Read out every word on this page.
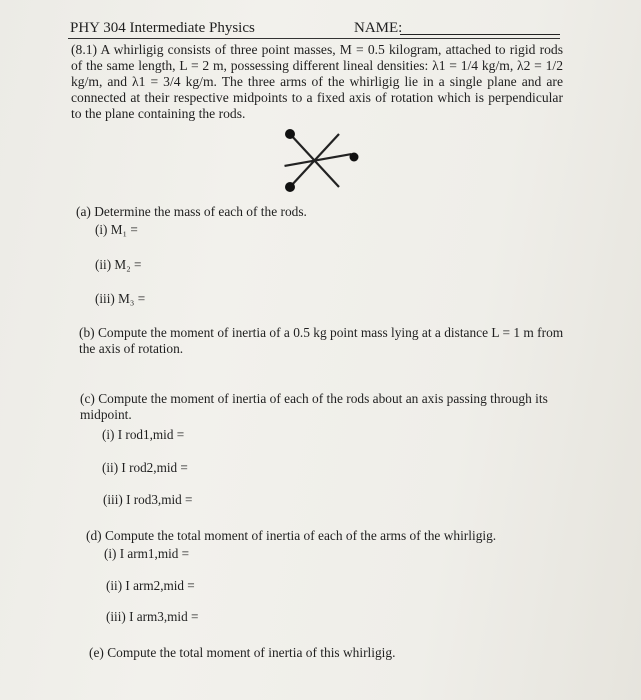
PHY 304 Intermediate Physics	NAME:
(8.1) A whirligig consists of three point masses, M = 0.5 kilogram, attached to rigid rods of the same length, L = 2 m, possessing different lineal densities: λ1 = 1/4 kg/m, λ2 = 1/2 kg/m, and λ1 = 3/4 kg/m. The three arms of the whirligig lie in a single plane and are connected at their respective midpoints to a fixed axis of rotation which is perpendicular to the plane containing the rods.
(a) Determine the mass of each of the rods.
(i) M₁ =
(ii) M₂ =
(iii) M₃ =
(b) Compute the moment of inertia of a 0.5 kg point mass lying at a distance L = 1 m from the axis of rotation.
(c) Compute the moment of inertia of each of the rods about an axis passing through its midpoint.
(i) I rod1,mid =
(ii) I rod2,mid =
(iii) I rod3,mid =
(d) Compute the total moment of inertia of each of the arms of the whirligig.
(i) I arm1,mid =
(ii) I arm2,mid =
(iii) I arm3,mid =
(e) Compute the total moment of inertia of this whirligig.
